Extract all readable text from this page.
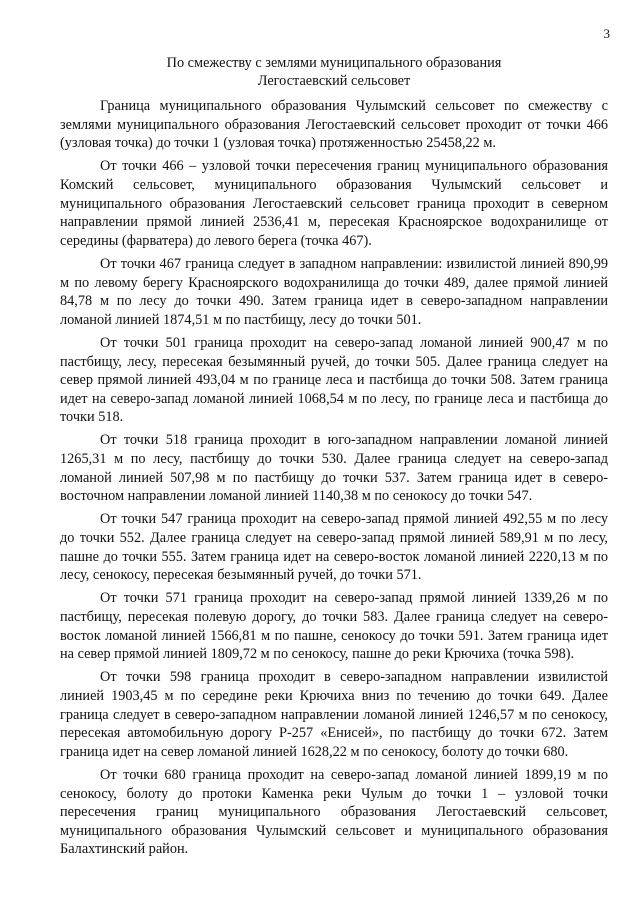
3
По смежеству с землями муниципального образования
Легостаевский сельсовет

Граница муниципального образования Чулымский сельсовет по смежеству с землями муниципального образования Легостаевский сельсовет проходит от точки 466 (узловая точка) до точки 1 (узловая точка) протяженностью 25458,22 м.

От точки 466 – узловой точки пересечения границ муниципального образования Комский сельсовет, муниципального образования Чулымский сельсовет и муниципального образования Легостаевский сельсовет граница проходит в северном направлении прямой линией 2536,41 м, пересекая Красноярское водохранилище от середины (фарватера) до левого берега (точка 467).

От точки 467 граница следует в западном направлении: извилистой линией 890,99 м по левому берегу Красноярского водохранилища до точки 489, далее прямой линией 84,78 м по лесу до точки 490. Затем граница идет в северо-западном направлении ломаной линией 1874,51 м по пастбищу, лесу до точки 501.

От точки 501 граница проходит на северо-запад ломаной линией 900,47 м по пастбищу, лесу, пересекая безымянный ручей, до точки 505. Далее граница следует на север прямой линией 493,04 м по границе леса и пастбища до точки 508. Затем граница идет на северо-запад ломаной линией 1068,54 м по лесу, по границе леса и пастбища до точки 518.

От точки 518 граница проходит в юго-западном направлении ломаной линией 1265,31 м по лесу, пастбищу до точки 530. Далее граница следует на северо-запад ломаной линией 507,98 м по пастбищу до точки 537. Затем граница идет в северо-восточном направлении ломаной линией 1140,38 м по сенокосу до точки 547.

От точки 547 граница проходит на северо-запад прямой линией 492,55 м по лесу до точки 552. Далее граница следует на северо-запад прямой линией 589,91 м по лесу, пашне до точки 555. Затем граница идет на северо-восток ломаной линией 2220,13 м по лесу, сенокосу, пересекая безымянный ручей, до точки 571.

От точки 571 граница проходит на северо-запад прямой линией 1339,26 м по пастбищу, пересекая полевую дорогу, до точки 583. Далее граница следует на северо-восток ломаной линией 1566,81 м по пашне, сенокосу до точки 591. Затем граница идет на север прямой линией 1809,72 м по сенокосу, пашне до реки Крючиха (точка 598).

От точки 598 граница проходит в северо-западном направлении извилистой линией 1903,45 м по середине реки Крючиха вниз по течению до точки 649. Далее граница следует в северо-западном направлении ломаной линией 1246,57 м по сенокосу, пересекая автомобильную дорогу Р-257 «Енисей», по пастбищу до точки 672. Затем граница идет на север ломаной линией 1628,22 м по сенокосу, болоту до точки 680.

От точки 680 граница проходит на северо-запад ломаной линией 1899,19 м по сенокосу, болоту до протоки Каменка реки Чулым до точки 1 – узловой точки пересечения границ муниципального образования Легостаевский сельсовет, муниципального образования Чулымский сельсовет и муниципального образования Балахтинский район.
